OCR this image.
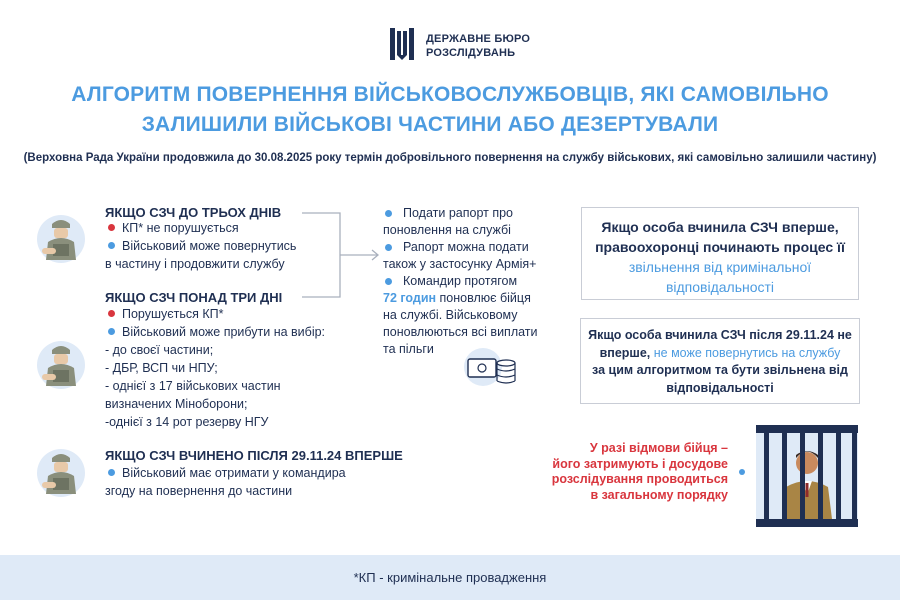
ДЕРЖАВНЕ БЮРО
РОЗСЛІДУВАНЬ
АЛГОРИТМ ПОВЕРНЕННЯ ВІЙСЬКОВОСЛУЖБОВЦІВ, ЯКІ САМОВІЛЬНО
ЗАЛИШИЛИ ВІЙСЬКОВІ ЧАСТИНИ АБО ДЕЗЕРТУВАЛИ
(Верховна Рада України продовжила до 30.08.2025 року термін добровільного повернення на службу військових, які самовільно залишили частину)
ЯКЩО СЗЧ ДО ТРЬОХ ДНІВ
КП* не порушується
Військовий може повернутись
в частину і продовжити службу
ЯКЩО СЗЧ ПОНАД ТРИ ДНІ
Порушується КП*
Військовий може прибути на вибір:
- до своєї частини;
- ДБР, ВСП чи НПУ;
- однієї з 17 військових частин
визначених Міноборони;
-однієї з 14 рот резерву НГУ
ЯКЩО СЗЧ ВЧИНЕНО ПІСЛЯ 29.11.24 ВПЕРШЕ
Військовий має отримати у командира
згоду на повернення до частини
Подати рапорт про
поновлення на службі
Рапорт можна подати
також у застосунку Армія+
Командир протягом
72 годин поновлює бійця
на службі. Військовому
поновлюються всі виплати
та пільги
Якщо особа вчинила СЗЧ вперше,
правоохоронці починають процес її
звільнення від кримінальної
відповідальності
Якщо особа вчинила СЗЧ після 29.11.24 не
вперше, не може повернутись на службу
за цим алгоритмом та бути звільнена від
відповідальності
У разі відмови бійця –
його затримують і досудове
розслідування проводиться
в загальному порядку
*КП - кримінальне провадження
